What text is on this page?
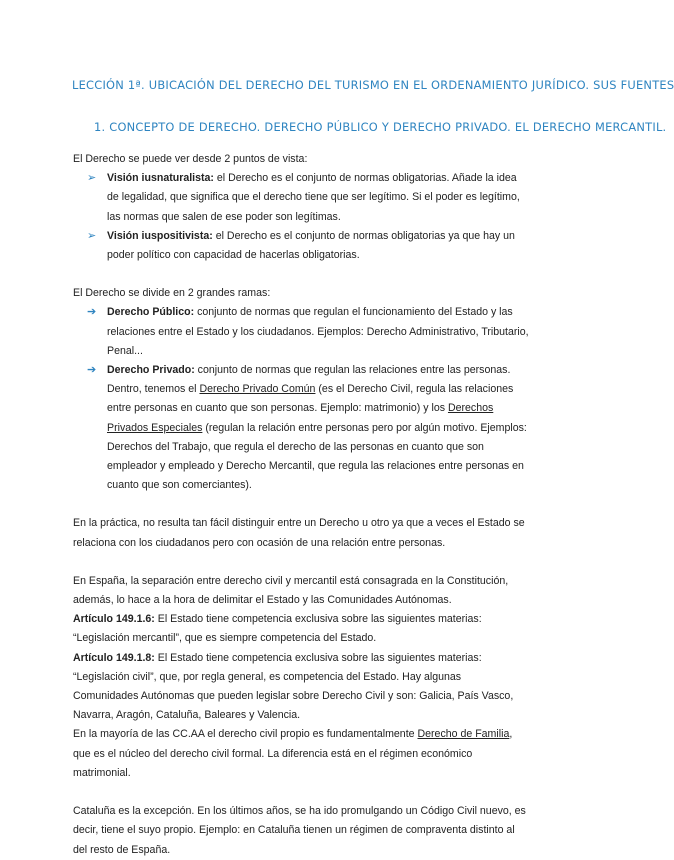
LECCIÓN 1ª. UBICACIÓN DEL DERECHO DEL TURISMO EN EL ORDENAMIENTO JURÍDICO. SUS FUENTES
1. CONCEPTO DE DERECHO. DERECHO PÚBLICO Y DERECHO PRIVADO. EL DERECHO MERCANTIL.

El Derecho se puede ver desde 2 puntos de vista:

➢ Visión iusnaturalista: el Derecho es el conjunto de normas obligatorias. Añade la idea de legalidad, que significa que el derecho tiene que ser legítimo. Si el poder es legítimo, las normas que salen de ese poder son legítimas.
➢ Visión iuspositivista: el Derecho es el conjunto de normas obligatorias ya que hay un poder político con capacidad de hacerlas obligatorias.

El Derecho se divide en 2 grandes ramas:

➔ Derecho Público: conjunto de normas que regulan el funcionamiento del Estado y las relaciones entre el Estado y los ciudadanos. Ejemplos: Derecho Administrativo, Tributario, Penal...
➔ Derecho Privado: conjunto de normas que regulan las relaciones entre las personas. Dentro, tenemos el Derecho Privado Común (es el Derecho Civil, regula las relaciones entre personas en cuanto que son personas. Ejemplo: matrimonio) y los Derechos Privados Especiales (regulan la relación entre personas pero por algún motivo. Ejemplos: Derechos del Trabajo, que regula el derecho de las personas en cuanto que son empleador y empleado y Derecho Mercantil, que regula las relaciones entre personas en cuanto que son comerciantes).

En la práctica, no resulta tan fácil distinguir entre un Derecho u otro ya que a veces el Estado se relaciona con los ciudadanos pero con ocasión de una relación entre personas.

En España, la separación entre derecho civil y mercantil está consagrada en la Constitución, además, lo hace a la hora de delimitar el Estado y las Comunidades Autónomas.

Artículo 149.1.6: El Estado tiene competencia exclusiva sobre las siguientes materias: “Legislación mercantil”, que es siempre competencia del Estado.

Artículo 149.1.8: El Estado tiene competencia exclusiva sobre las siguientes materias: “Legislación civil”, que, por regla general, es competencia del Estado. Hay algunas Comunidades Autónomas que pueden legislar sobre Derecho Civil y son: Galicia, País Vasco, Navarra, Aragón, Cataluña, Baleares y Valencia.

En la mayoría de las CC.AA el derecho civil propio es fundamentalmente Derecho de Familia, que es el núcleo del derecho civil formal. La diferencia está en el régimen económico matrimonial.

Cataluña es la excepción. En los últimos años, se ha ido promulgando un Código Civil nuevo, es decir, tiene el suyo propio. Ejemplo: en Cataluña tienen un régimen de compraventa distinto al del resto de España.
